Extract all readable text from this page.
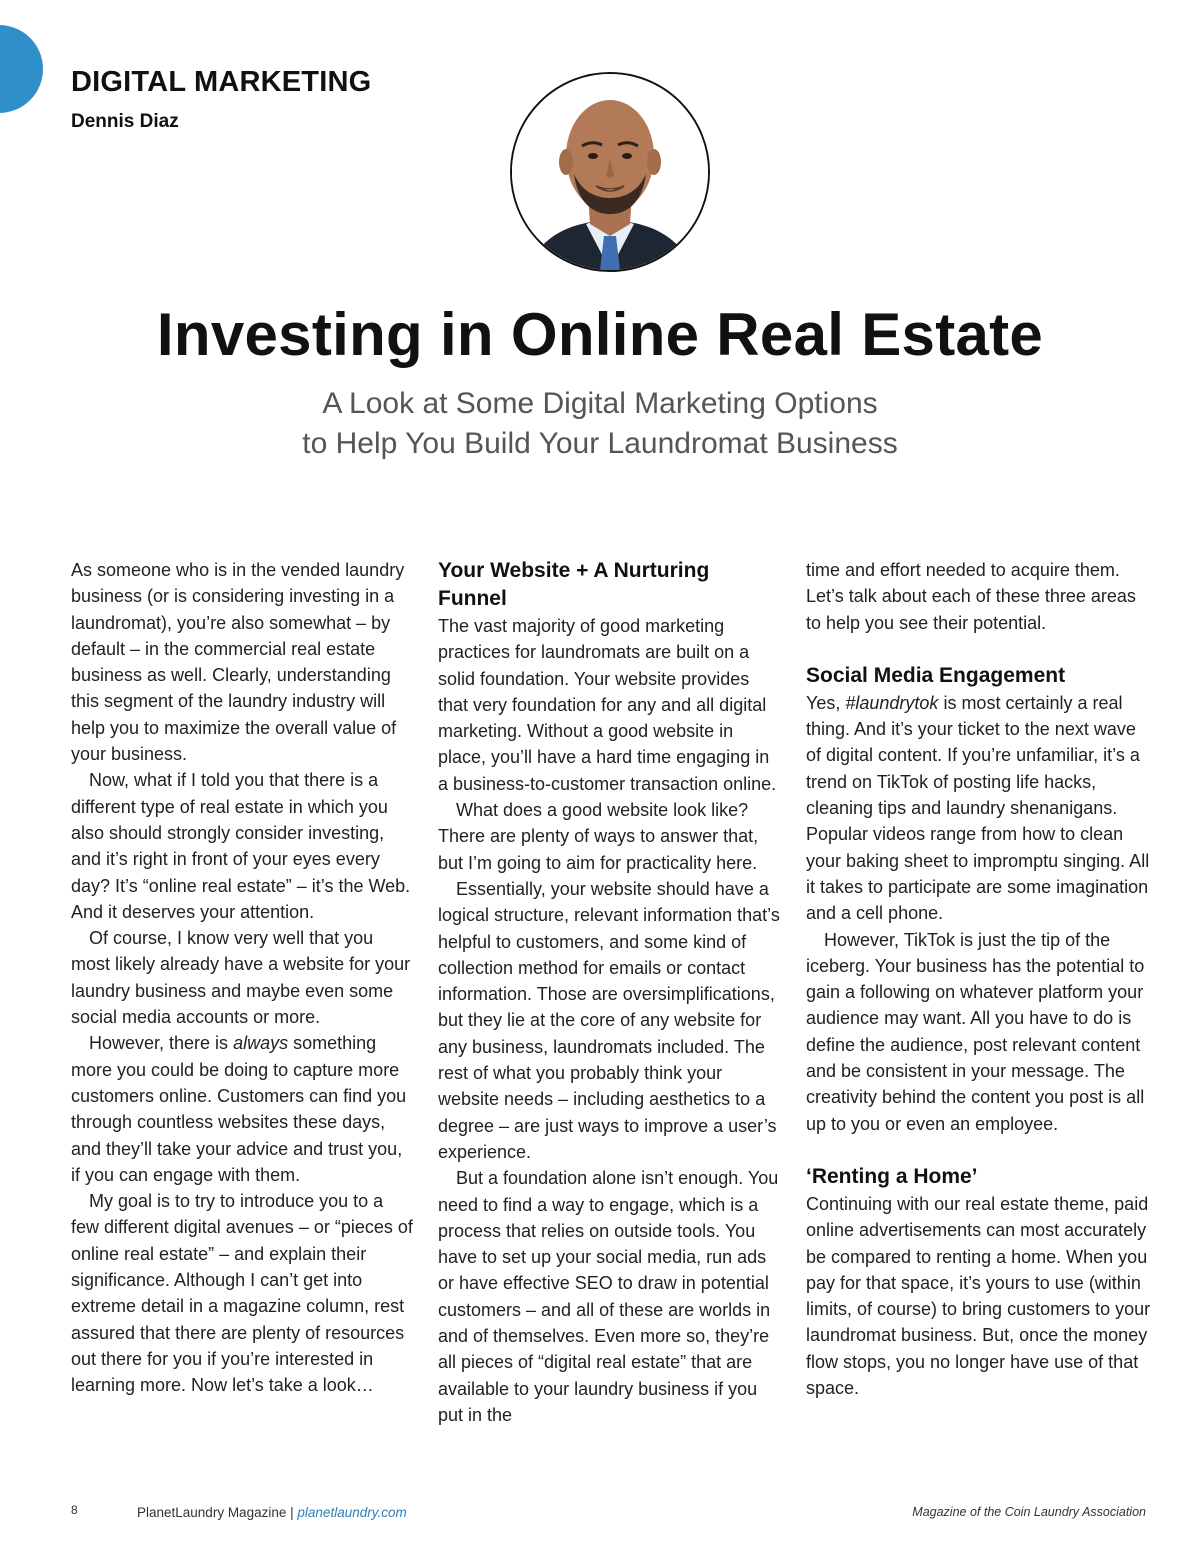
DIGITAL MARKETING

Dennis Diaz

Investing in Online Real Estate
A Look at Some Digital Marketing Options
to Help You Build Your Laundromat Business

As someone who is in the vended laundry business (or is considering investing in a laundromat), you’re also somewhat – by default – in the commercial real estate business as well. Clearly, understanding this segment of the laundry industry will help you to maximize the overall value of your business.

Now, what if I told you that there is a different type of real estate in which you also should strongly consider investing, and it’s right in front of your eyes every day? It’s “online real estate” – it’s the Web. And it deserves your attention.

Of course, I know very well that you most likely already have a website for your laundry business and maybe even some social media accounts or more.

However, there is always something more you could be doing to capture more customers online. Customers can find you through countless websites these days, and they’ll take your advice and trust you, if you can engage with them.

My goal is to try to introduce you to a few different digital avenues – or “pieces of online real estate” – and explain their significance. Although I can’t get into extreme detail in a magazine column, rest assured that there are plenty of resources out there for you if you’re interested in learning more. Now let’s take a look…

Your Website + A Nurturing Funnel

The vast majority of good marketing practices for laundromats are built on a solid foundation. Your website provides that very foundation for any and all digital marketing. Without a good website in place, you’ll have a hard time engaging in a business-to-customer transaction online.

What does a good website look like? There are plenty of ways to answer that, but I’m going to aim for practicality here.

Essentially, your website should have a logical structure, relevant information that’s helpful to customers, and some kind of collection method for emails or contact information. Those are oversimplifications, but they lie at the core of any website for any business, laundromats included. The rest of what you probably think your website needs – including aesthetics to a degree – are just ways to improve a user’s experience.

But a foundation alone isn’t enough. You need to find a way to engage, which is a process that relies on outside tools. You have to set up your social media, run ads or have effective SEO to draw in potential customers – and all of these are worlds in and of themselves. Even more so, they’re all pieces of “digital real estate” that are available to your laundry business if you put in the

time and effort needed to acquire them. Let’s talk about each of these three areas to help you see their potential.

Social Media Engagement

Yes, #laundrytok is most certainly a real thing. And it’s your ticket to the next wave of digital content. If you’re unfamiliar, it’s a trend on TikTok of posting life hacks, cleaning tips and laundry shenanigans. Popular videos range from how to clean your baking sheet to impromptu singing. All it takes to participate are some imagination and a cell phone.

However, TikTok is just the tip of the iceberg. Your business has the potential to gain a following on whatever platform your audience may want. All you have to do is define the audience, post relevant content and be consistent in your message. The creativity behind the content you post is all up to you or even an employee.

‘Renting a Home’

Continuing with our real estate theme, paid online advertisements can most accurately be compared to renting a home. When you pay for that space, it’s yours to use (within limits, of course) to bring customers to your laundromat business. But, once the money flow stops, you no longer have use of that space.

8	PlanetLaundry Magazine | planetlaundry.com	Magazine of the Coin Laundry Association
